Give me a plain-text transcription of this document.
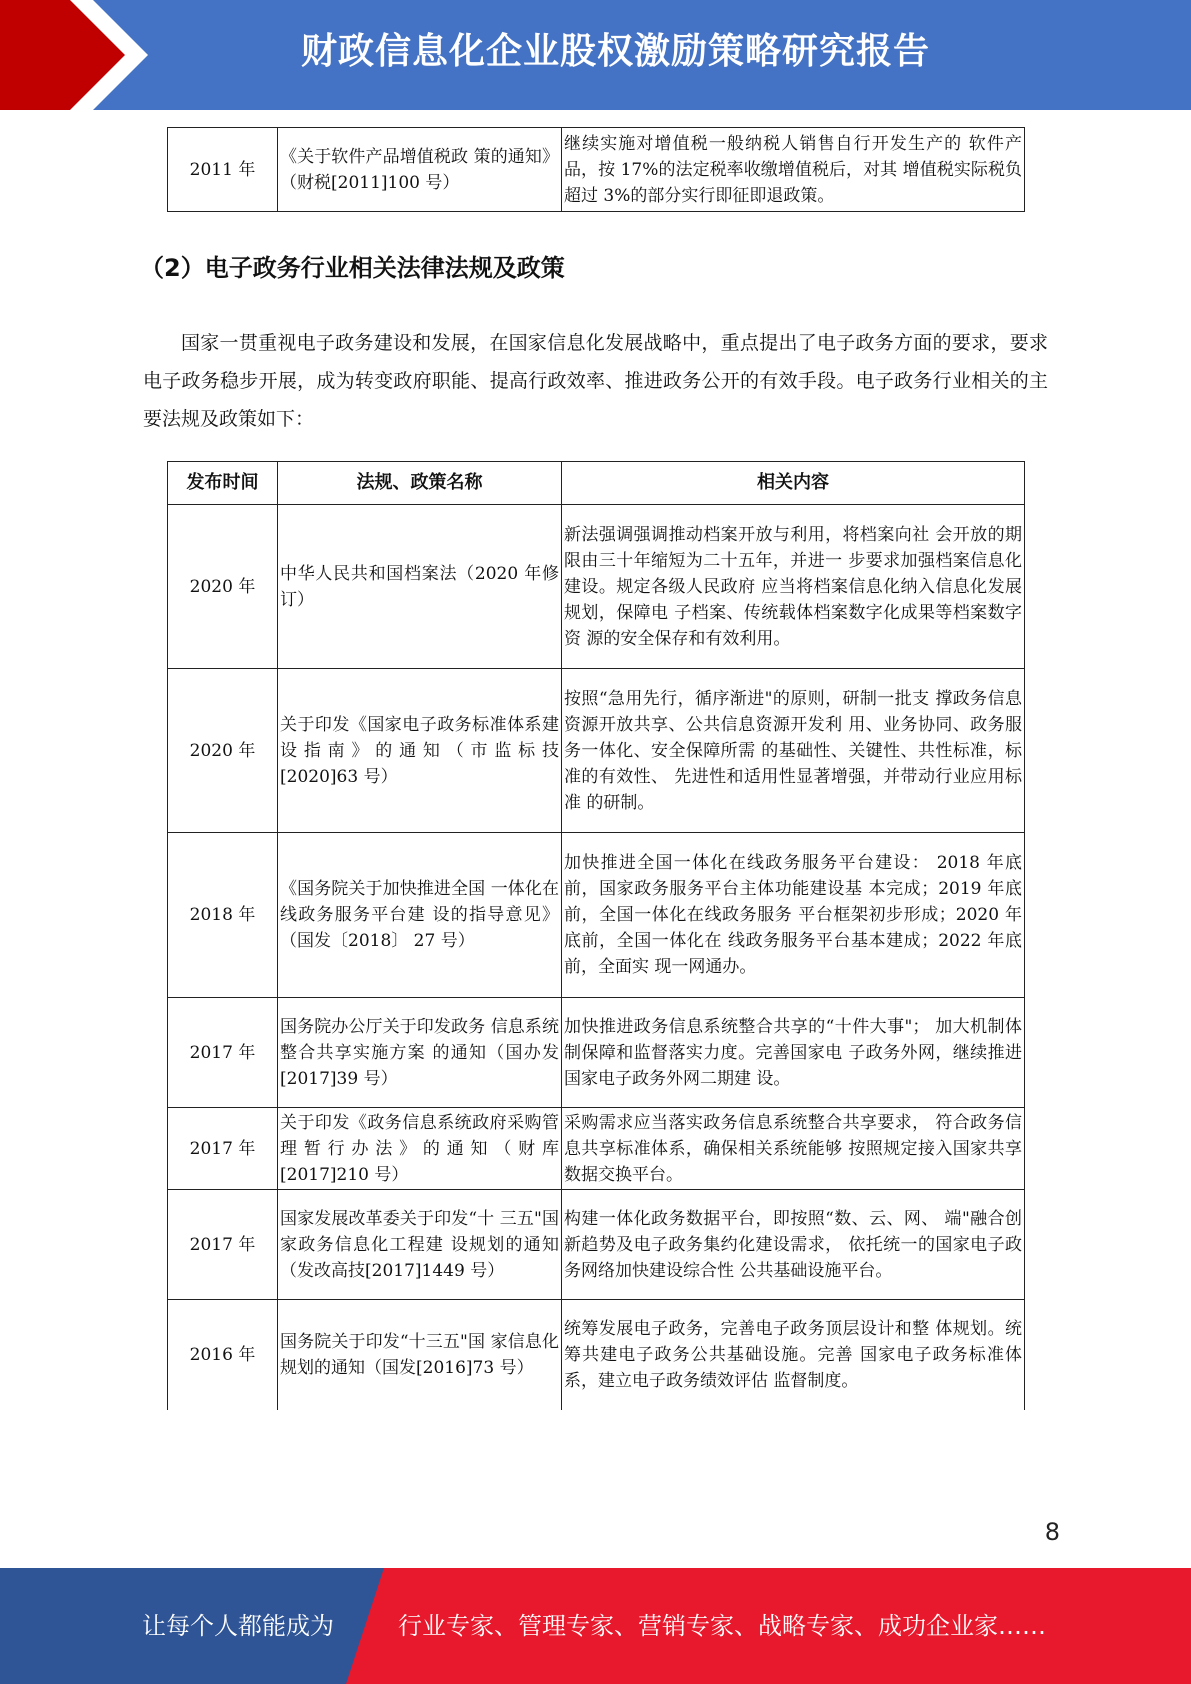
财政信息化企业股权激励策略研究报告
2011 年	《关于软件产品增值税政 策的通知》（财税[2011]100 号）	继续实施对增值税一般纳税人销售自行开发生产的 软件产品，按 17%的法定税率收缴增值税后，对其 增值税实际税负超过 3%的部分实行即征即退政策。
（2）电子政务行业相关法律法规及政策

国家一贯重视电子政务建设和发展，在国家信息化发展战略中，重点提出了电子政务方面的要求，要求电子政务稳步开展，成为转变政府职能、提高行政效率、推进政务公开的有效手段。电子政务行业相关的主要法规及政策如下：

发布时间	法规、政策名称	相关内容
2020 年	中华人民共和国档案法（2020 年修订）	新法强调强调推动档案开放与利用，将档案向社 会开放的期限由三十年缩短为二十五年，并进一 步要求加强档案信息化建设。规定各级人民政府 应当将档案信息化纳入信息化发展规划，保障电 子档案、传统载体档案数字化成果等档案数字资 源的安全保存和有效利用。
2020 年	关于印发《国家电子政务标准体系建设指南》的通知（市监标技[2020]63 号）	按照“急用先行，循序渐进"的原则，研制一批支 撑政务信息资源开放共享、公共信息资源开发利 用、业务协同、政务服务一体化、安全保障所需 的基础性、关键性、共性标准，标准的有效性、 先进性和适用性显著增强，并带动行业应用标准 的研制。
2018 年	《国务院关于加快推进全国 一体化在线政务服务平台建 设的指导意见》（国发〔2018〕 27 号）	加快推进全国一体化在线政务服务平台建设： 2018 年底前，国家政务服务平台主体功能建设基 本完成；2019 年底前，全国一体化在线政务服务 平台框架初步形成；2020 年底前，全国一体化在 线政务服务平台基本建成；2022 年底前，全面实 现一网通办。
2017 年	国务院办公厅关于印发政务 信息系统整合共享实施方案 的通知（国办发[2017]39 号）	加快推进政务信息系统整合共享的“十件大事"； 加大机制体制保障和监督落实力度。完善国家电 子政务外网，继续推进国家电子政务外网二期建 设。
2017 年	关于印发《政务信息系统政府采购管理暂行办法》的通知（财库[2017]210 号）	采购需求应当落实政务信息系统整合共享要求， 符合政务信息共享标准体系，确保相关系统能够 按照规定接入国家共享数据交换平台。
2017 年	国家发展改革委关于印发“十 三五"国家政务信息化工程建 设规划的通知（发改高技[2017]1449 号）	构建一体化政务数据平台，即按照“数、云、网、 端"融合创新趋势及电子政务集约化建设需求， 依托统一的国家电子政务网络加快建设综合性 公共基础设施平台。
2016 年	国务院关于印发“十三五"国 家信息化规划的通知（国发[2016]73 号）	统筹发展电子政务，完善电子政务顶层设计和整 体规划。统筹共建电子政务公共基础设施。完善 国家电子政务标准体系，建立电子政务绩效评估 监督制度。
8
让每个人都能成为	行业专家、管理专家、营销专家、战略专家、成功企业家……
